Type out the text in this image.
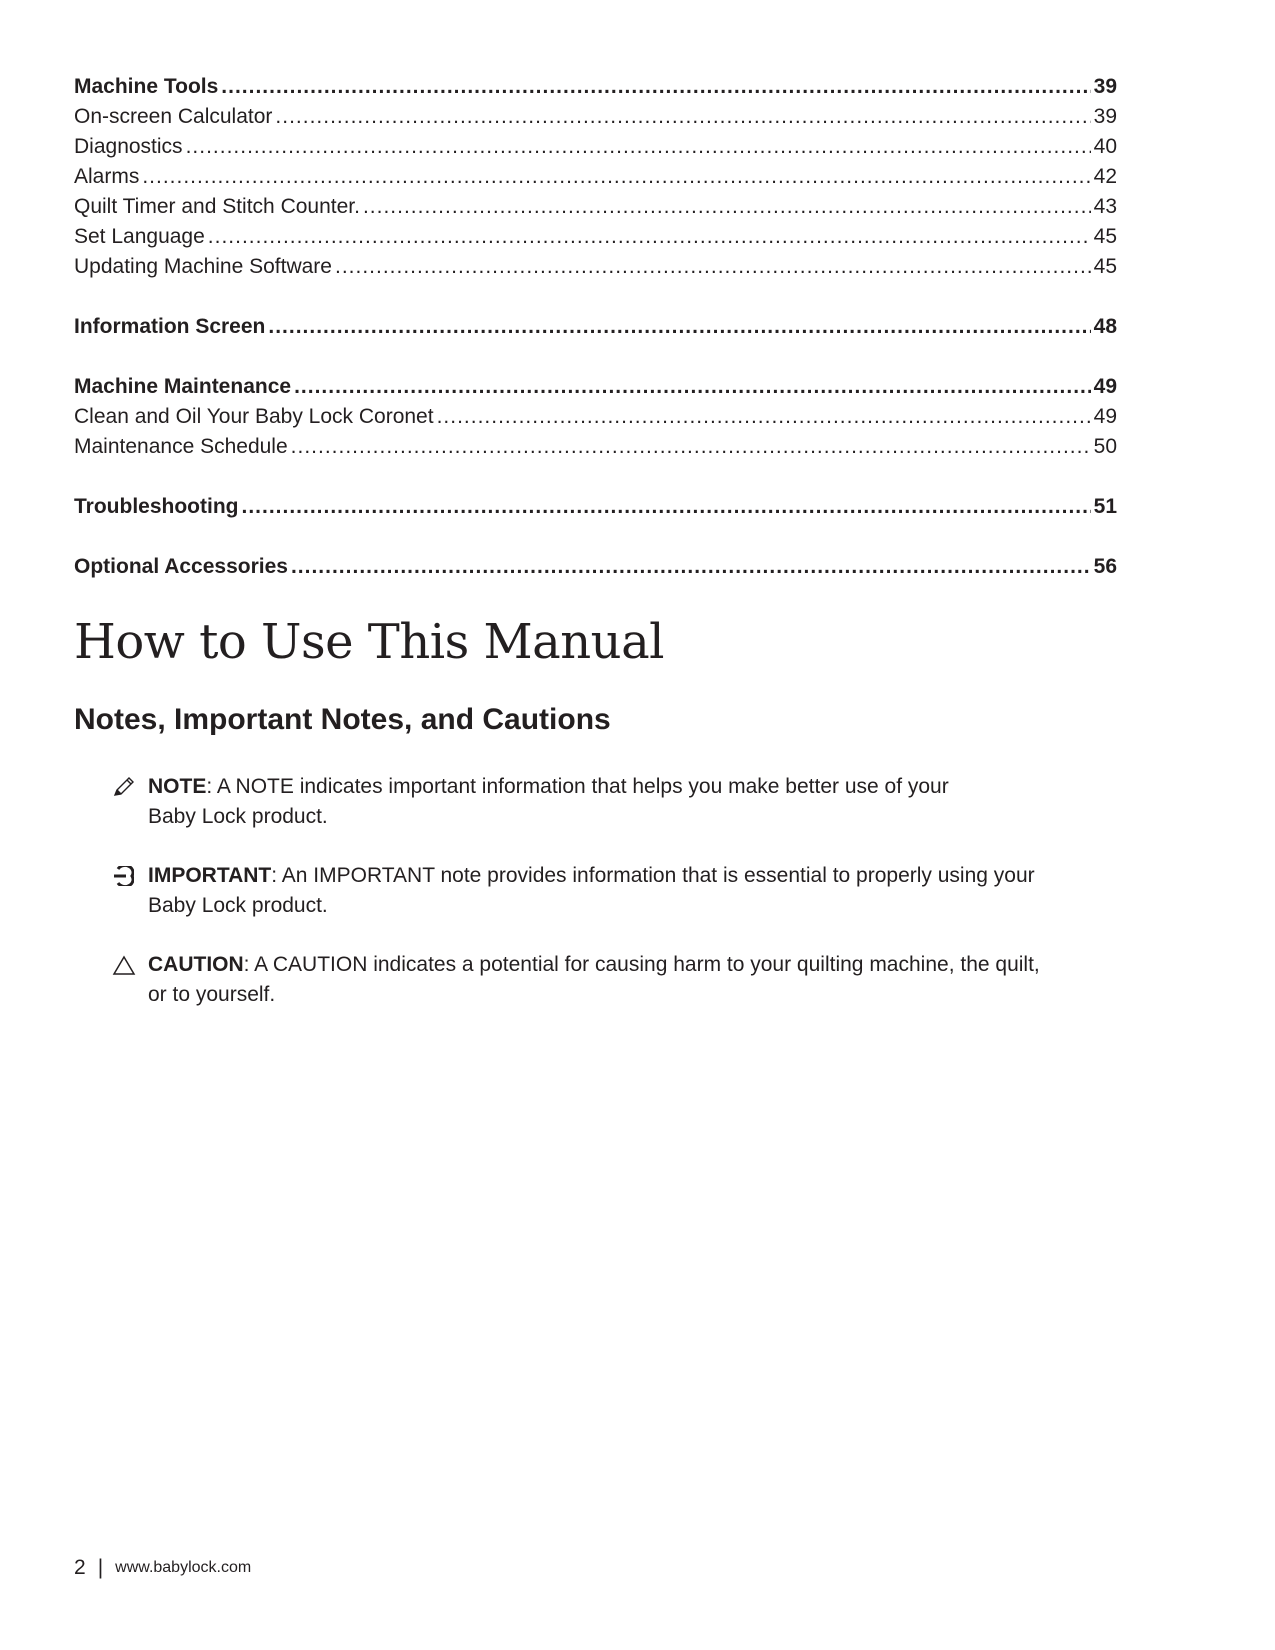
Machine Tools .....	39
On-screen Calculator .....	39
Diagnostics .....	40
Alarms .....	42
Quilt Timer and Stitch Counter. .....	43
Set Language .....	45
Updating Machine Software .....	45
Information Screen .....	48
Machine Maintenance .....	49
Clean and Oil Your Baby Lock Coronet .....	49
Maintenance Schedule .....	50
Troubleshooting .....	51
Optional Accessories .....	56
How to Use This Manual
Notes, Important Notes, and Cautions
NOTE: A NOTE indicates important information that helps you make better use of your
Baby Lock product.
IMPORTANT: An IMPORTANT note provides information that is essential to properly using your
Baby Lock product.
CAUTION: A CAUTION indicates a potential for causing harm to your quilting machine, the quilt,
or to yourself.
2 | www.babylock.com
